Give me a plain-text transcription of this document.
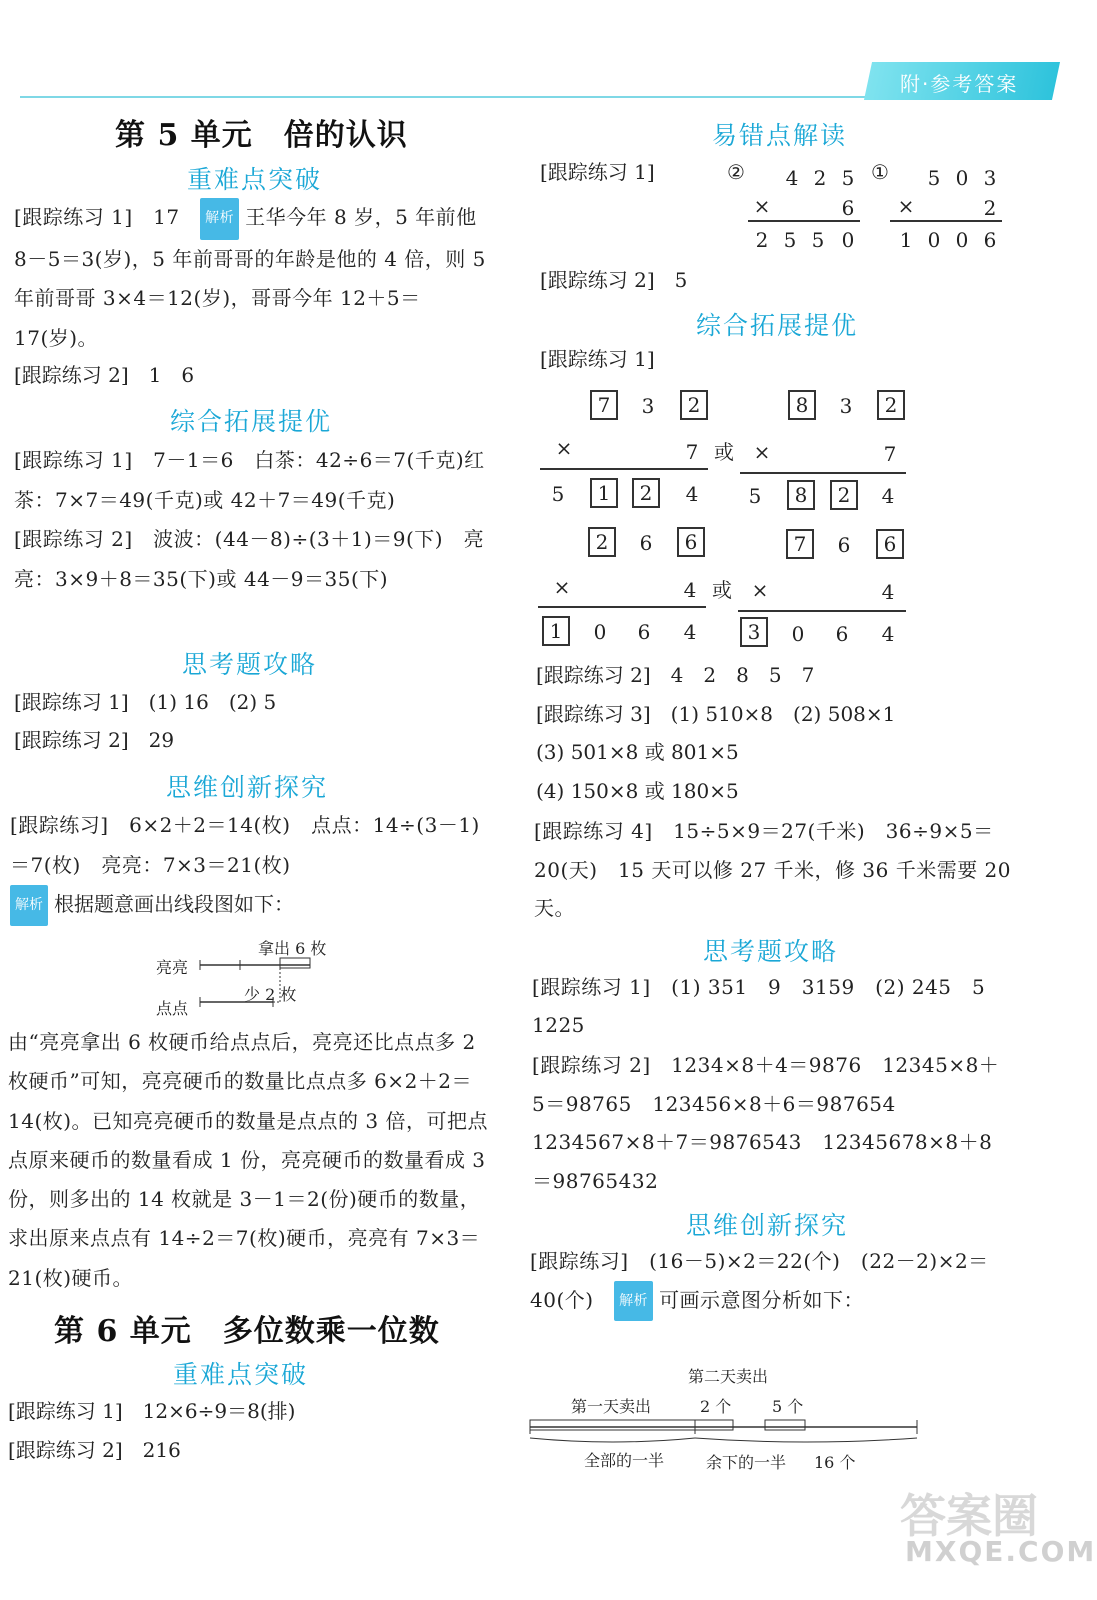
附·参考答案
第 5 单元　倍的认识
重难点突破
[跟踪练习 1]　17　解析 王华今年 8 岁，5 年前他 8－5＝3(岁)，5 年前哥哥的年龄是他的 4 倍，则 5 年前哥哥 3×4＝12(岁)，哥哥今年 12＋5＝17(岁)。
[跟踪练习 2]　1　6
综合拓展提优
[跟踪练习 1]　7－1＝6　白茶：42÷6＝7(千克)红茶：7×7＝49(千克)或 42＋7＝49(千克)
[跟踪练习 2]　波波：(44－8)÷(3＋1)＝9(下)　亮亮：3×9＋8＝35(下)或 44－9＝35(下)
思考题攻略
[跟踪练习 1]　(1) 16　(2) 5
[跟踪练习 2]　29
思维创新探究
[跟踪练习]　6×2＋2＝14(枚)　点点：14÷(3－1)＝7(枚)　亮亮：7×3＝21(枚)
解析 根据题意画出线段图如下：
拿出 6 枚
亮亮
点点
少 2 枚
由“亮亮拿出 6 枚硬币给点点后，亮亮还比点点多 2 枚硬币”可知，亮亮硬币的数量比点点多 6×2＋2＝14(枚)。已知亮亮硬币的数量是点点的 3 倍，可把点点原来硬币的数量看成 1 份，亮亮硬币的数量看成 3 份，则多出的 14 枚就是 3－1＝2(份)硬币的数量，求出原来点点有 14÷2＝7(枚)硬币，亮亮有 7×3＝21(枚)硬币。
第 6 单元　多位数乘一位数
重难点突破
[跟踪练习 1]　12×6÷9＝8(排)
[跟踪练习 2]　216
易错点解读
[跟踪练习 1]	② 4 2 5
×	6
2 5 5 0
① 5 0 3
×	2
1 0 0 6
[跟踪练习 2]　5
综合拓展提优
[跟踪练习 1]
7	3	2
×	7 或
5	1	2	4
8	3	2
×	7
5	8	2	4
2	6	6
×	4 或
1	0 6 4
7	6	6
×	4
3	0 6 4
[跟踪练习 2]　4　2　8　5　7
[跟踪练习 3]　(1) 510×8　(2) 508×1
(3) 501×8 或 801×5
(4) 150×8 或 180×5
[跟踪练习 4]　15÷5×9＝27(千米)　36÷9×5＝20(天)　15 天可以修 27 千米，修 36 千米需要 20 天。
思考题攻略
[跟踪练习 1]　(1) 351　9　3159　(2) 245　5　1225
[跟踪练习 2]　1234×8＋4＝9876　12345×8＋5＝98765　123456×8＋6＝987654　1234567×8＋7＝9876543　12345678×8＋8＝98765432
思维创新探究
[跟踪练习]　(16－5)×2＝22(个)　(22－2)×2＝40(个)　解析 可画示意图分析如下：
第二天卖出
第一天卖出	2 个	5 个
全部的一半	余下的一半 16 个
答案圈
MXQE.COM
